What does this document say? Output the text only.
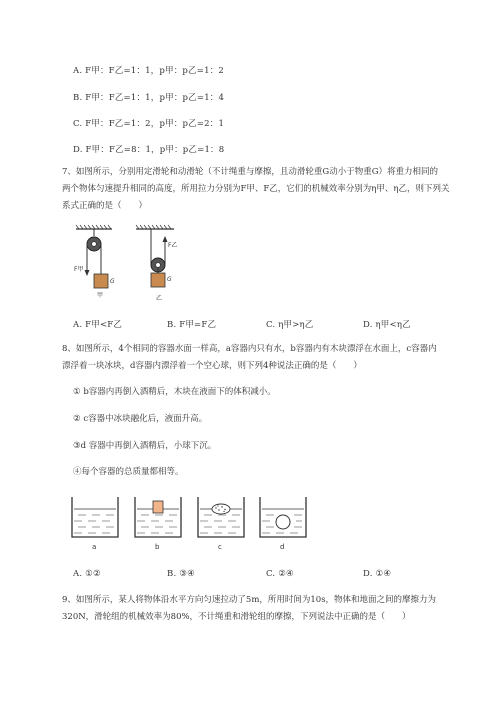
A. F甲：F乙=1：1，p甲：p乙=1：2
B. F甲：F乙=1：1，p甲：p乙=1：4
C. F甲：F乙=1：2，p甲：p乙=2：1
D. F甲：F乙=8：1，p甲：p乙=1：8
7、如图所示，分别用定滑轮和动滑轮（不计绳重与摩擦，且动滑轮重G动小于物重G）将重力相同的
两个物体匀速提升相同的高度，所用拉力分别为F甲、F乙，它们的机械效率分别为η甲、η乙，则下列关
系式正确的是（　　）
F甲
G
甲
F乙
G
乙
A. F甲<F乙	B. F甲=F乙	C. η甲>η乙	D. η甲<η乙
8、如图所示，4个相同的容器水面一样高，a容器内只有水，b容器内有木块漂浮在水面上，c容器内
漂浮着一块冰块，d容器内漂浮着一个空心球，则下列4种说法正确的是（　　）
① b容器内再倒入酒精后，木块在液面下的体积减小。
② c容器中冰块融化后，液面升高。
③d 容器中再倒入酒精后，小球下沉。
④每个容器的总质量都相等。
a	b	c	d
A. ①②	B. ③④	C. ②④	D. ①④
9、如图所示，某人将物体沿水平方向匀速拉动了5m，所用时间为10s，物体和地面之间的摩擦力为
320N，滑轮组的机械效率为80%，不计绳重和滑轮组的摩擦，下列说法中正确的是（　　）
